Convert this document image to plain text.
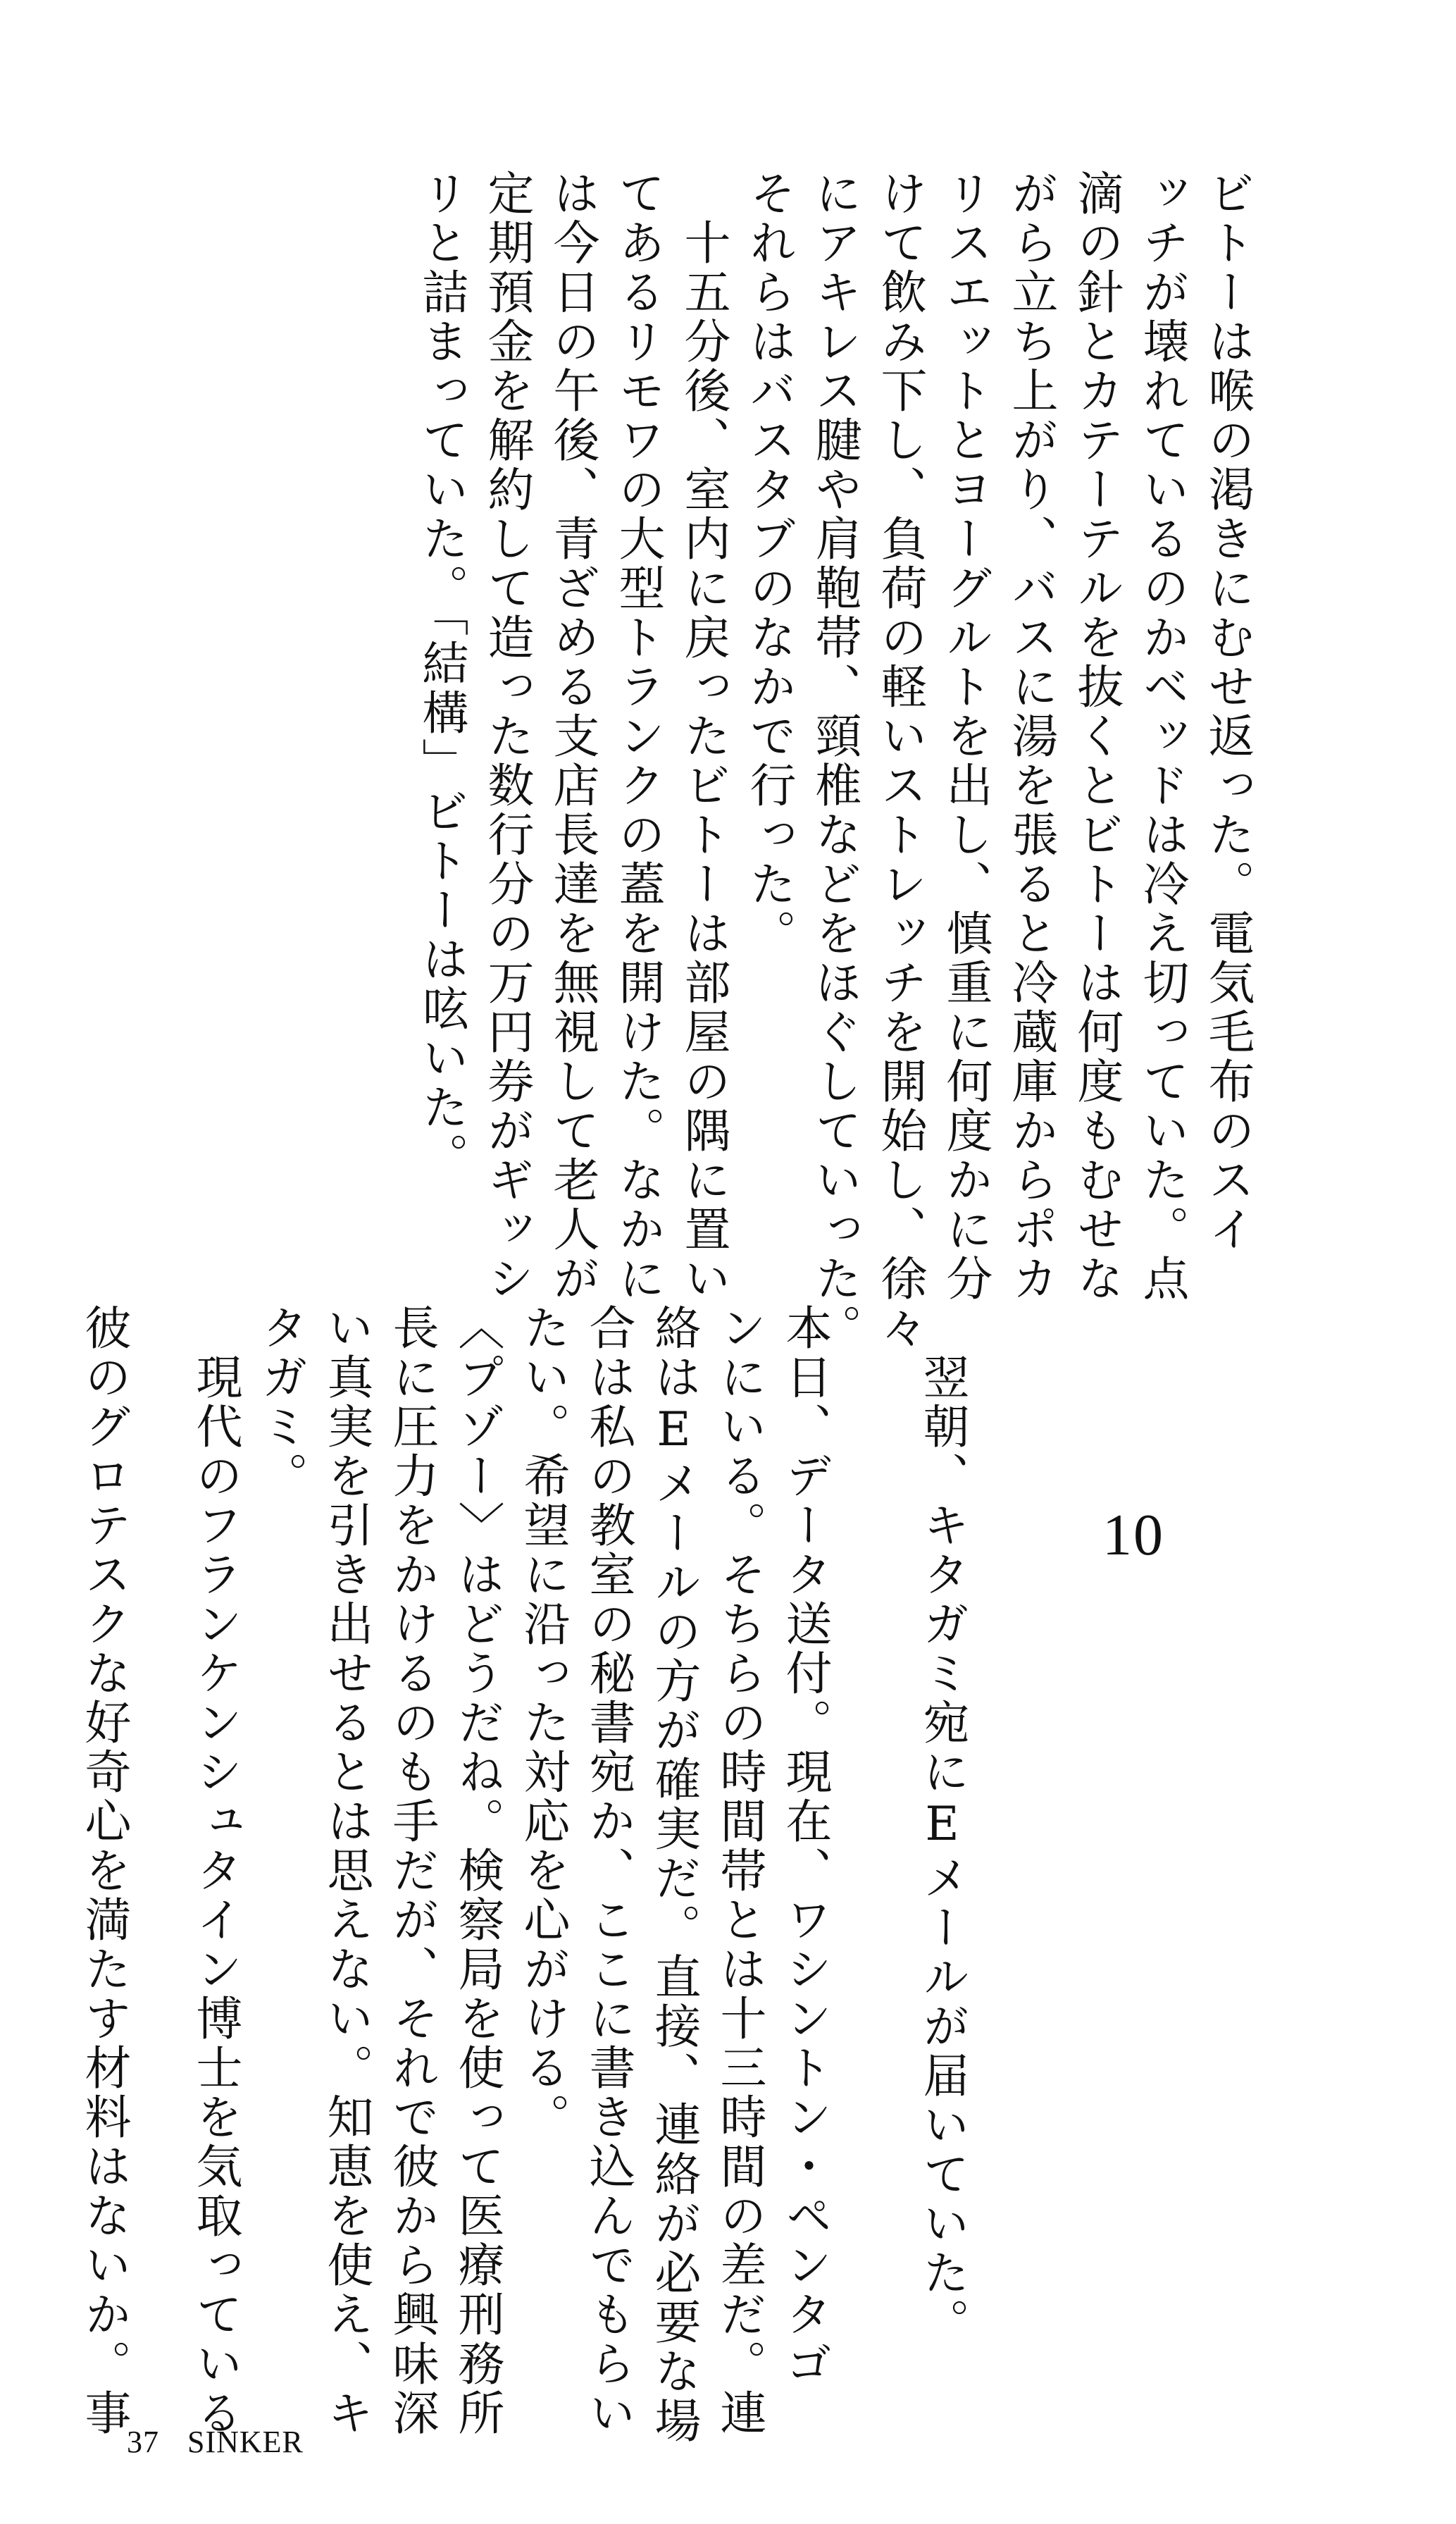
ビトーは喉の渇きにむせ返った。電気毛布のスイ
ッチが壊れているのかベッドは冷え切っていた。点
滴の針とカテーテルを抜くとビトーは何度もむせな
がら立ち上がり、バスに湯を張ると冷蔵庫からポカ
リスエットとヨーグルトを出し、慎重に何度かに分
けて飲み下し、負荷の軽いストレッチを開始し、徐々
にアキレス腱や肩鞄帯、頸椎などをほぐしていった。
それらはバスタブのなかで行った。
　十五分後、室内に戻ったビトーは部屋の隅に置い
てあるリモワの大型トランクの蓋を開けた。なかに
は今日の午後、青ざめる支店長達を無視して老人が
定期預金を解約して造った数行分の万円券がギッシ
リと詰まっていた。「結構」ビトーは呟いた。
10
　翌朝、キタガミ宛にEメールが届いていた。
本日、データ送付。現在、ワシントン・ペンタゴ
ンにいる。そちらの時間帯とは十三時間の差だ。連
絡はEメールの方が確実だ。直接、連絡が必要な場
合は私の教室の秘書宛か、ここに書き込んでもらい
たい。希望に沿った対応を心がける。
〈プゾー〉はどうだね。検察局を使って医療刑務所
長に圧力をかけるのも手だが、それで彼から興味深
い真実を引き出せるとは思えない。知恵を使え、キ
タガミ。
　現代のフランケンシュタイン博士を気取っている
彼のグロテスクな好奇心を満たす材料はないか。事
37 SINKER
